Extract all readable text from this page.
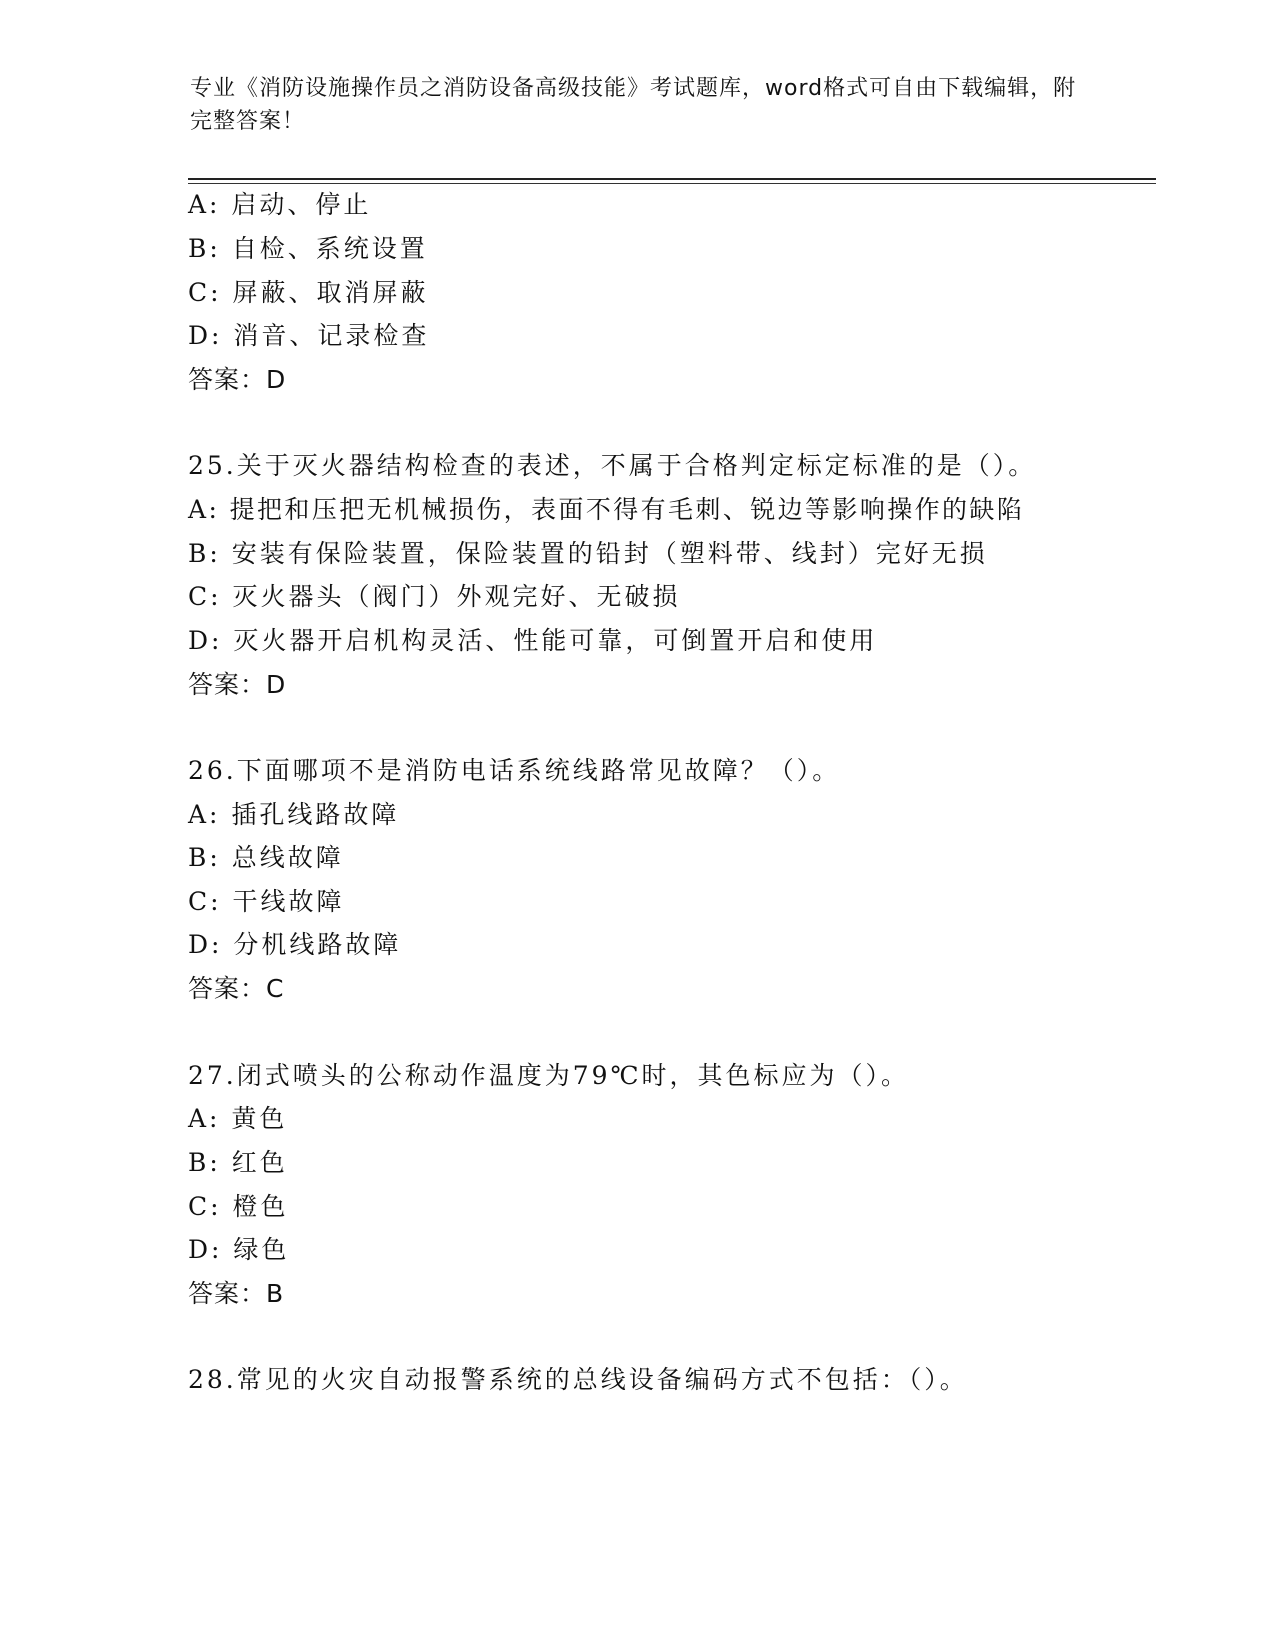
专业《消防设施操作员之消防设备高级技能》考试题库，word格式可自由下载编辑，附完整答案！
A: 启动、停止
B: 自检、系统设置
C: 屏蔽、取消屏蔽
D: 消音、记录检查
答案：D
25.关于灭火器结构检查的表述，不属于合格判定标定标准的是（）。
A: 提把和压把无机械损伤，表面不得有毛刺、锐边等影响操作的缺陷
B: 安装有保险装置，保险装置的铅封（塑料带、线封）完好无损
C: 灭火器头（阀门）外观完好、无破损
D: 灭火器开启机构灵活、性能可靠，可倒置开启和使用
答案：D
26.下面哪项不是消防电话系统线路常见故障？（）。
A: 插孔线路故障
B: 总线故障
C: 干线故障
D: 分机线路故障
答案：C
27.闭式喷头的公称动作温度为79℃时，其色标应为（）。
A: 黄色
B: 红色
C: 橙色
D: 绿色
答案：B
28.常见的火灾自动报警系统的总线设备编码方式不包括：（）。
